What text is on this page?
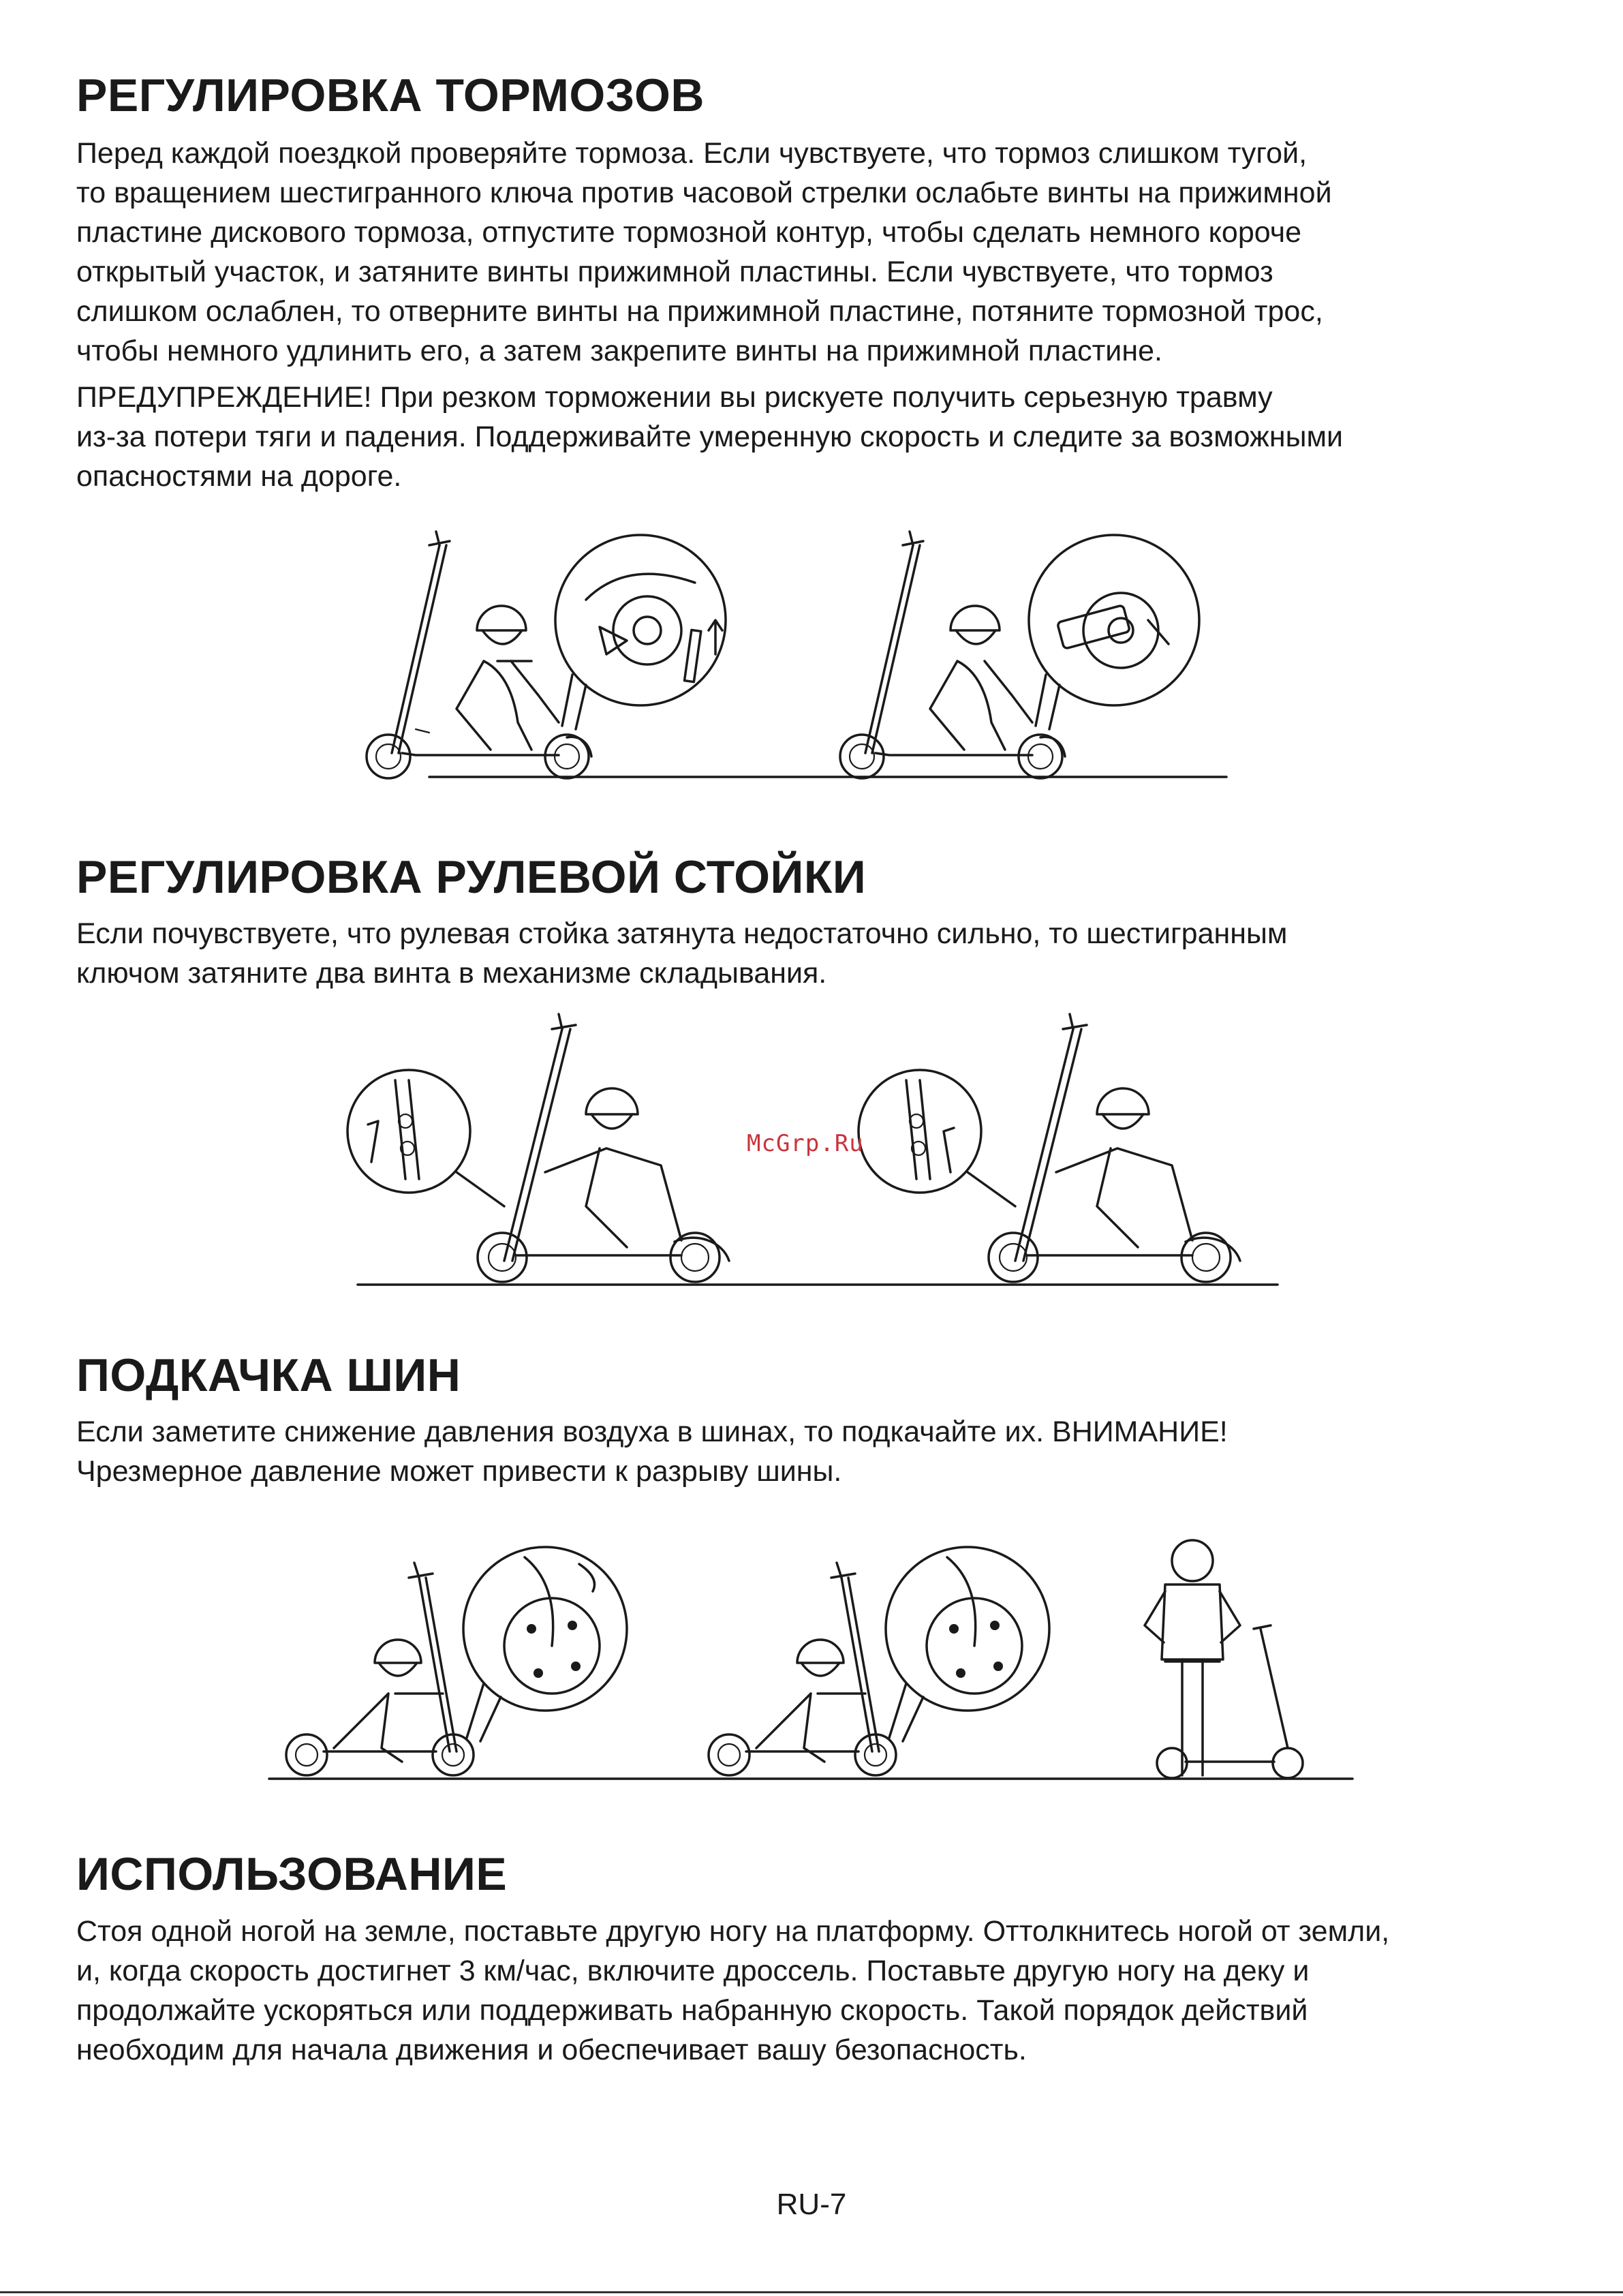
РЕГУЛИРОВКА ТОРМОЗОВ

Перед каждой поездкой проверяйте тормоза. Если чувствуете, что тормоз слишком тугой,
то вращением шестигранного ключа против часовой стрелки ослабьте винты на прижимной
пластине дискового тормоза, отпустите тормозной контур, чтобы сделать немного короче
открытый участок, и затяните винты прижимной пластины. Если чувствуете, что тормоз
слишком ослаблен, то отверните винты на прижимной пластине, потяните тормозной трос,
чтобы немного удлинить его, а затем закрепите винты на прижимной пластине.

ПРЕДУПРЕЖДЕНИЕ! При резком торможении вы рискуете получить серьезную травму
из-за потери тяги и падения. Поддерживайте умеренную скорость и следите за возможными
опасностями на дороге.

РЕГУЛИРОВКА РУЛЕВОЙ СТОЙКИ

Если почувствуете, что рулевая стойка затянута недостаточно сильно, то шестигранным
ключом затяните два винта в механизме складывания.

McGrp.Ru
ПОДКАЧКА ШИН

Если заметите снижение давления воздуха в шинах, то подкачайте их. ВНИМАНИЕ!
Чрезмерное давление может привести к разрыву шины.

ИСПОЛЬЗОВАНИЕ

Стоя одной ногой на земле, поставьте другую ногу на платформу. Оттолкнитесь ногой от земли,
и, когда скорость достигнет 3 км/час, включите дроссель. Поставьте другую ногу на деку и
продолжайте ускоряться или поддерживать набранную скорость. Такой порядок действий
необходим для начала движения и обеспечивает вашу безопасность.

RU-7
